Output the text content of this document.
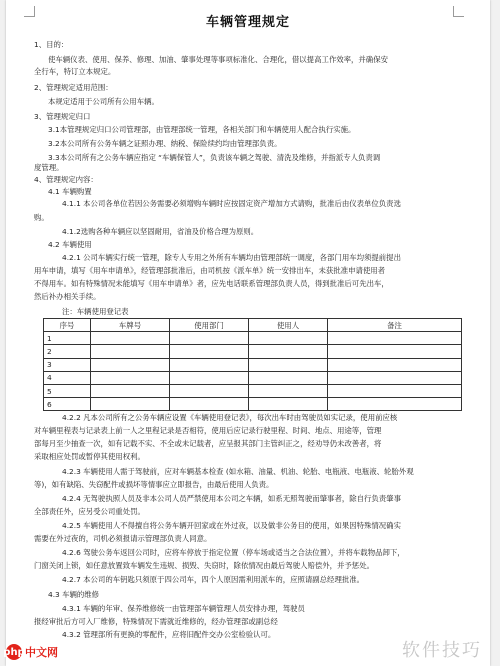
车辆管理规定
1、目的：
使车辆仪表、使用、保养、修理、加油、肇事处理等事项标准化、合理化，借以提高工作效率，并确保安
全行车，特订立本规定。
2、管理规定适用范围：
本规定适用于公司所有公用车辆。
3、管理规定归口
3.1本管理规定归口公司管理部，由管理部统一管理，各相关部门和车辆使用人配合执行实施。
3.2本公司所有公务车辆之证照办理、纳税、保险续约均由管理部负责。
3.3本公司所有之公务车辆应指定 “车辆保管人”，负责该车辆之驾驶、清洗及维修，并指派专人负责调
度管理。
4、管理规定内容：
4.1 车辆购置
4.1.1 本公司各单位若因公务需要必须增购车辆时应按固定资产增加方式请购，批准后由仪表单位负责选
购。
4.1.2选购各种车辆应以坚固耐用，省油及价格合理为原则。
4.2 车辆使用
4.2.1 公司车辆实行统一管理，除专人专用之外所有车辆均由管理部统一调度，各部门用车均须提前提出
用车申请，填写《用车申请单》，经管理部批准后，由司机按《派车单》统一安排出车，未获批准申请使用者
不得用车。如有特殊情况未能填写《用车申请单》者，应先电话联系管理部负责人员，得到批准后可先出车，
然后补办相关手续。
注：车辆使用登记表
序号	车牌号	使用部门	使用人	备注
1				
2				
3				
4				
5				
6				
4.2.2 凡本公司所有之公务车辆应设置《车辆使用登记表》，每次出车时由驾驶员如实记录，使用前应核
对车辆里程表与记录表上前一人之里程记录是否相符，使用后应记录行驶里程、时间、地点、用途等，管理
部每月至少抽查一次，如有记载不实、不全或未记载者，应呈报其部门主管纠正之，经劝导仍未改善者，将
采取相应处罚或暂停其使用权利。
4.2.3 车辆使用人需于驾驶前，应对车辆基本检查 (如水箱、油量、机油、轮胎、电瓶液、电瓶液、轮胎外观
等)，如有缺陷、失窃配件或损坏等情事应立即报告，由最后使用人负责。
4.2.4 无驾驶执照人员及非本公司人员严禁使用本公司之车辆，如系无照驾驶而肇事者，除自行负责肇事
全部责任外，应另受公司重处罚。
4.2.5 车辆使用人不得擅自将公务车辆开回家或在外过夜，以及做非公务目的使用，如果因特殊情况确实
需要在外过夜的，司机必须报请示管理部负责人同意。
4.2.6 驾驶公务车返回公司时，应将车停放于指定位置（停车场或适当之合法位置），并将车载物品卸下，
门窗关闭上锁，如任意放置致车辆发生违规、损毁、失窃时，除依情况由最后驾驶人赔偿外，并予惩处。
4.2.7 本公司的车钥匙只须原于四公司车，四个人原因需利用派车的，应照请副总经理批准。
4.3 车辆的维修
4.3.1 车辆的年审、保养维修统一由管理部车辆管理人员安排办理，驾驶员
报经审批后方可入厂维修，特殊情况下需就近维修的，经办管理部或副总经
4.3.2 管理部所有更换的零配件，应将旧配件交办公室检验认可。
软件技巧
php 中文网
